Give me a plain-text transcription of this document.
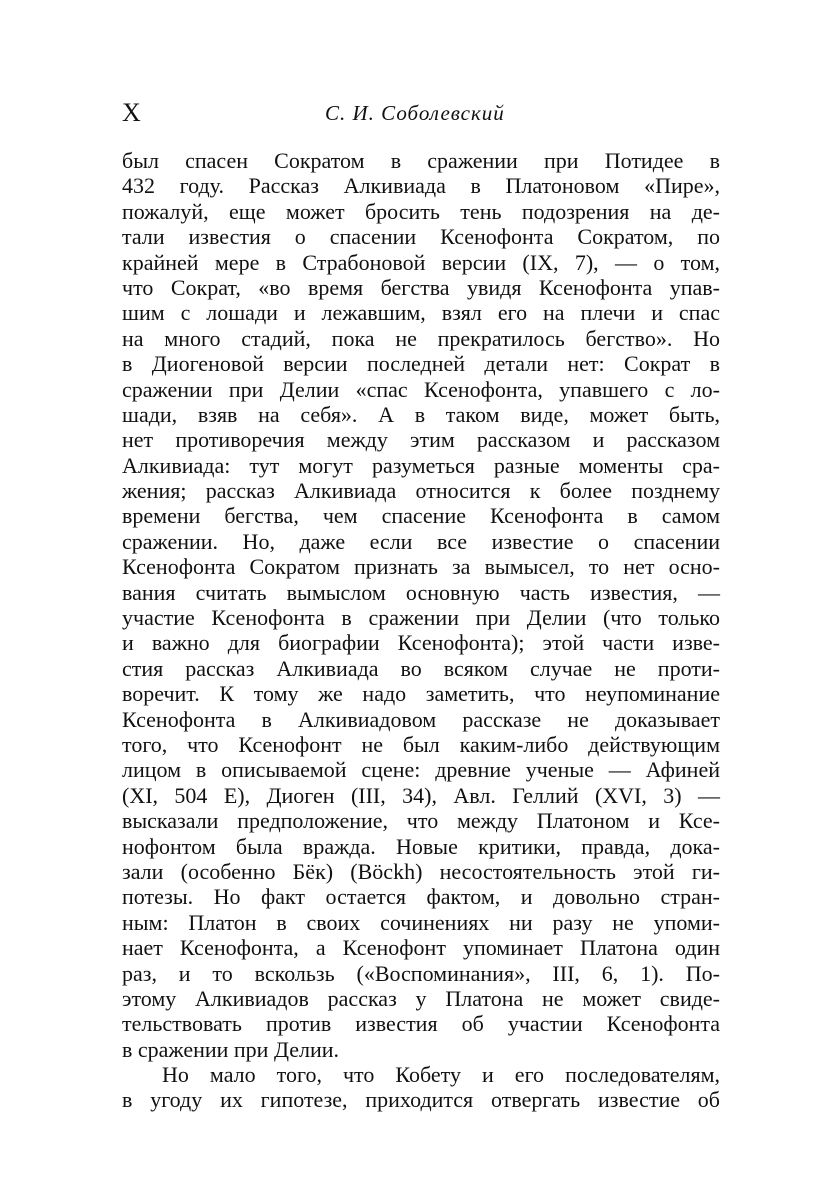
X	С. И. Соболевский
был спасен Сократом в сражении при Потидее в
432 году. Рассказ Алкивиада в Платоновом «Пире»,
пожалуй, еще может бросить тень подозрения на де-
тали известия о спасении Ксенофонта Сократом, по
крайней мере в Страбоновой версии (IX, 7), — о том,
что Сократ, «во время бегства увидя Ксенофонта упав-
шим с лошади и лежавшим, взял его на плечи и спас
на много стадий, пока не прекратилось бегство». Но
в Диогеновой версии последней детали нет: Сократ в
сражении при Делии «спас Ксенофонта, упавшего с ло-
шади, взяв на себя». А в таком виде, может быть,
нет противоречия между этим рассказом и рассказом
Алкивиада: тут могут разуметься разные моменты сра-
жения; рассказ Алкивиада относится к более позднему
времени бегства, чем спасение Ксенофонта в самом
сражении. Но, даже если все известие о спасении
Ксенофонта Сократом признать за вымысел, то нет осно-
вания считать вымыслом основную часть известия, —
участие Ксенофонта в сражении при Делии (что только
и важно для биографии Ксенофонта); этой части изве-
стия рассказ Алкивиада во всяком случае не проти-
воречит. К тому же надо заметить, что неупоминание
Ксенофонта в Алкивиадовом рассказе не доказывает
того, что Ксенофонт не был каким-либо действующим
лицом в описываемой сцене: древние ученые — Афиней
(XI, 504 E), Диоген (III, 34), Авл. Геллий (XVI, 3) —
высказали предположение, что между Платоном и Ксе-
нофонтом была вражда. Новые критики, правда, дока-
зали (особенно Бёк) (Böckh) несостоятельность этой ги-
потезы. Но факт остается фактом, и довольно стран-
ным: Платон в своих сочинениях ни разу не упоми-
нает Ксенофонта, а Ксенофонт упоминает Платона один
раз, и то вскользь («Воспоминания», III, 6, 1). По-
этому Алкивиадов рассказ у Платона не может свиде-
тельствовать против известия об участии Ксенофонта
в сражении при Делии.
Но мало того, что Кобету и его последователям,
в угоду их гипотезе, приходится отвергать известие об
